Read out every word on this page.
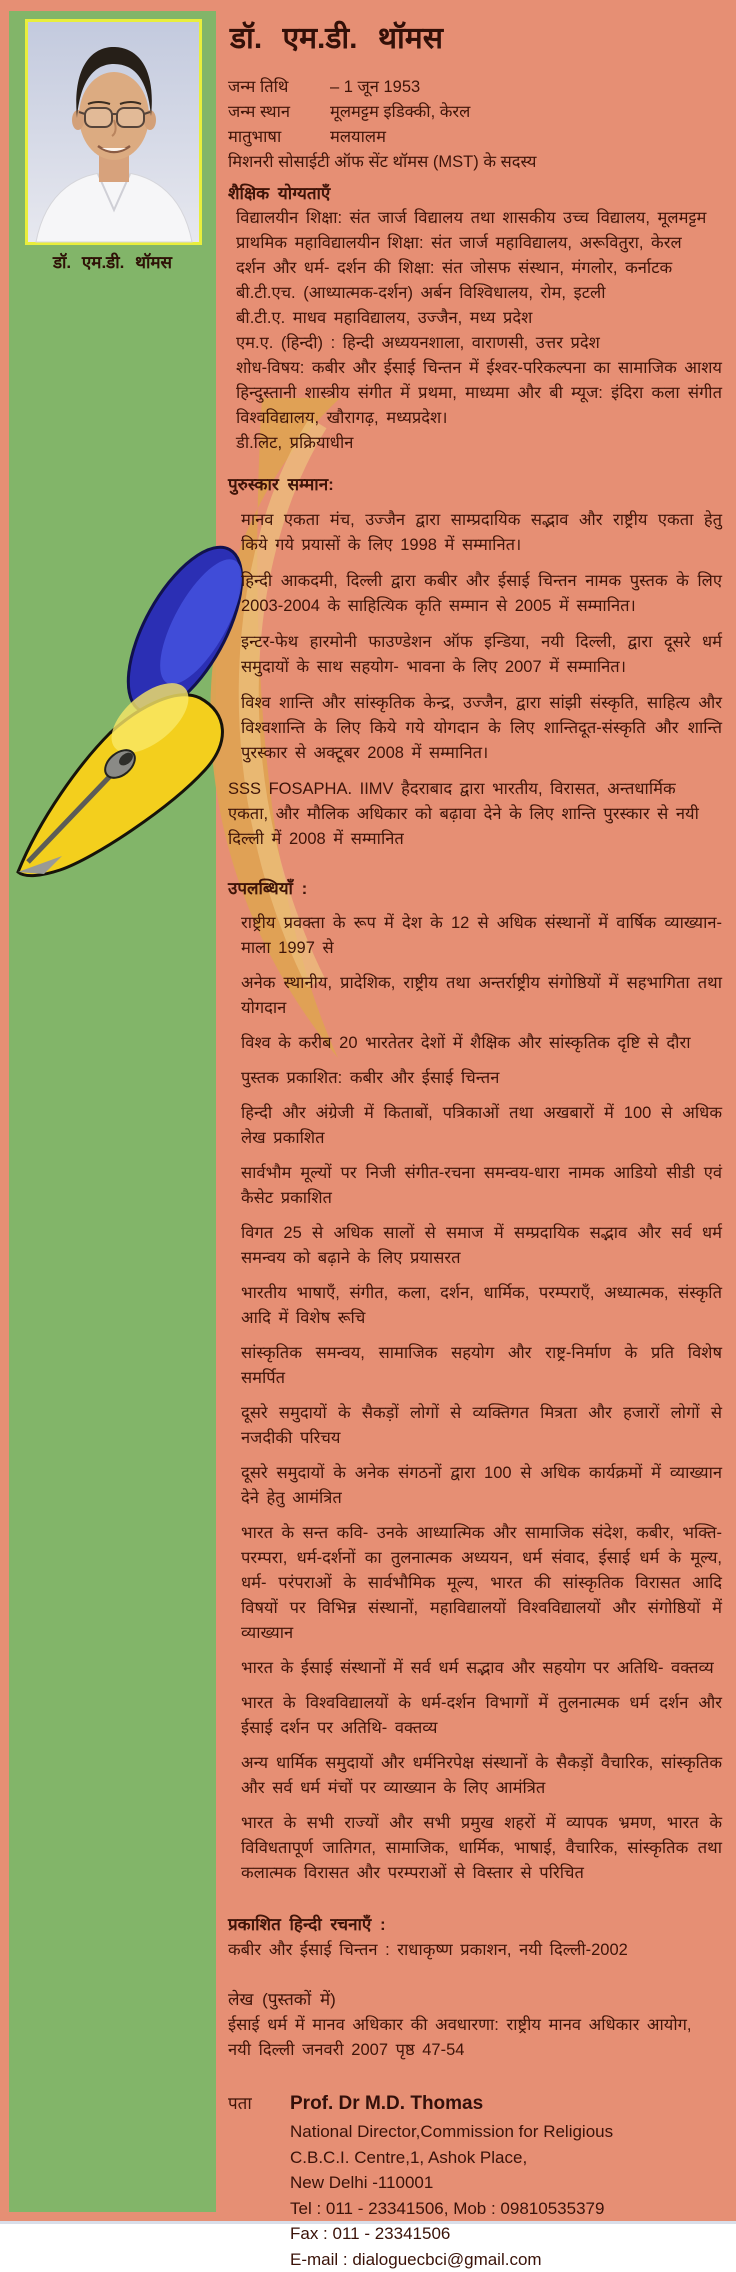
डॉ. एम.डी. थॉमस
डॉ. एम.डी. थॉमस
जन्म तिथि	– 1 जून 1953
जन्म स्थान	मूलमट्टम इडिक्की, केरल
मातुभाषा	मलयालम

मिशनरी सोसाईटी ऑफ सेंट थॉमस (MST) के सदस्य

शैक्षिक योग्यताएँ

विद्यालयीन शिक्षा: संत जार्ज विद्यालय तथा शासकीय उच्च विद्यालय, मूलमट्टम

प्राथमिक महाविद्यालयीन शिक्षा: संत जार्ज महाविद्यालय, अरूवितुरा, केरल

दर्शन और धर्म- दर्शन की शिक्षा: संत जोसफ संस्थान, मंगलोर, कर्नाटक

बी.टी.एच. (आध्यात्मक-दर्शन) अर्बन विश्विधालय, रोम, इटली

बी.टी.ए. माधव महाविद्यालय, उज्जैन, मध्य प्रदेश

एम.ए. (हिन्दी) : हिन्दी अध्ययनशाला, वाराणसी, उत्तर प्रदेश

शोध-विषय: कबीर और ईसाई चिन्तन में ईश्वर-परिकल्पना का सामाजिक आशय

हिन्दुस्तानी शास्त्रीय संगीत में प्रथमा, माध्यमा और बी म्यूज: इंदिरा कला संगीत विश्वविद्यालय, खौरागढ़, मध्यप्रदेश।

डी.लिट, प्रक्रियाधीन

पुरुस्कार सम्मान:

मानव एकता मंच, उज्जैन द्वारा साम्प्रदायिक सद्भाव और राष्ट्रीय एकता हेतु किये गये प्रयासों के लिए 1998 में सम्मानित।

हिन्दी आकदमी, दिल्ली द्वारा कबीर और ईसाई चिन्तन नामक पुस्तक के लिए 2003-2004 के साहित्यिक कृति सम्मान से 2005 में सम्मानित।

इन्टर-फेथ हारमोनी फाउण्डेशन ऑफ इन्डिया, नयी दिल्ली, द्वारा दूसरे धर्म समुदायों के साथ सहयोग- भावना के लिए 2007 में सम्मानित।

विश्व शान्ति और सांस्कृतिक केन्द्र, उज्जैन, द्वारा सांझी संस्कृति, साहित्य और विश्वशान्ति के लिए किये गये योगदान के लिए शान्तिदूत-संस्कृति और शान्ति पुरस्कार से अक्टूबर 2008 में सम्मानित।

SSS FOSAPHA. IIMV हैदराबाद द्वारा भारतीय, विरासत, अन्तधार्मिक एकता, और मौलिक अधिकार को बढ़ावा देने के लिए शान्ति पुरस्कार से नयी दिल्ली में 2008 में सम्मानित

उपलब्धियाँ :

राष्ट्रीय प्रवक्ता के रूप में देश के 12 से अधिक संस्थानों में वार्षिक व्याख्यान- माला 1997 से

अनेक स्थानीय, प्रादेशिक, राष्ट्रीय तथा अन्तर्राष्ट्रीय संगोष्ठियों में सहभागिता तथा योगदान

विश्व के करीब 20 भारतेतर देशों में शैक्षिक और सांस्कृतिक दृष्टि से दौरा

पुस्तक प्रकाशित: कबीर और ईसाई चिन्तन

हिन्दी और अंग्रेजी में किताबों, पत्रिकाओं तथा अखबारों में 100 से अधिक लेख प्रकाशित

सार्वभौम मूल्यों पर निजी संगीत-रचना समन्वय-धारा नामक आडियो सीडी एवं कैसेट प्रकाशित

विगत 25 से अधिक सालों से समाज में सम्प्रदायिक सद्भाव और सर्व धर्म समन्वय को बढ़ाने के लिए प्रयासरत

भारतीय भाषाएँ, संगीत, कला, दर्शन, धार्मिक, परम्पराएँ, अध्यात्मक, संस्कृति आदि में विशेष रूचि

सांस्कृतिक समन्वय, सामाजिक सहयोग और राष्ट्र-निर्माण के प्रति विशेष समर्पित

दूसरे समुदायों के सैकड़ों लोगों से व्यक्तिगत मित्रता और हजारों लोगों से नजदीकी परिचय

दूसरे समुदायों के अनेक संगठनों द्वारा 100 से अधिक कार्यक्रमों में व्याख्यान देने हेतु आमंत्रित

भारत के सन्त कवि- उनके आध्यात्मिक और सामाजिक संदेश, कबीर, भक्ति-परम्परा, धर्म-दर्शनों का तुलनात्मक अध्ययन, धर्म संवाद, ईसाई धर्म के मूल्य, धर्म- परंपराओं के सार्वभौमिक मूल्य, भारत की सांस्कृतिक विरासत आदि विषयों पर विभिन्न संस्थानों, महाविद्यालयों विश्वविद्यालयों और संगोष्ठियों में व्याख्यान

भारत के ईसाई संस्थानों में सर्व धर्म सद्भाव और सहयोग पर अतिथि- वक्तव्य

भारत के विश्वविद्यालयों के धर्म-दर्शन विभागों में तुलनात्मक धर्म दर्शन और ईसाई दर्शन पर अतिथि- वक्तव्य

अन्य धार्मिक समुदायों और धर्मनिरपेक्ष संस्थानों के सैकड़ों वैचारिक, सांस्कृतिक और सर्व धर्म मंचों पर व्याख्यान के लिए आमंत्रित

भारत के सभी राज्यों और सभी प्रमुख शहरों में व्यापक भ्रमण, भारत के विविधतापूर्ण जातिगत, सामाजिक, धार्मिक, भाषाई, वैचारिक, सांस्कृतिक तथा कलात्मक विरासत और परम्पराओं से विस्तार से परिचित

प्रकाशित हिन्दी रचनाएँ :

कबीर और ईसाई चिन्तन : राधाकृष्ण प्रकाशन, नयी दिल्ली-2002

लेख (पुस्तकों में)

ईसाई धर्म में मानव अधिकार की अवधारणा: राष्ट्रीय मानव अधिकार आयोग, नयी दिल्ली जनवरी 2007 पृष्ठ 47-54

पता	Prof. Dr M.D. Thomas

National Director,Commission for Religious

C.B.C.I. Centre,1, Ashok Place,

New Delhi -110001

Tel : 011 - 23341506, Mob : 09810535379

Fax : 011 - 23341506

E-mail : dialoguecbci@gmail.com
